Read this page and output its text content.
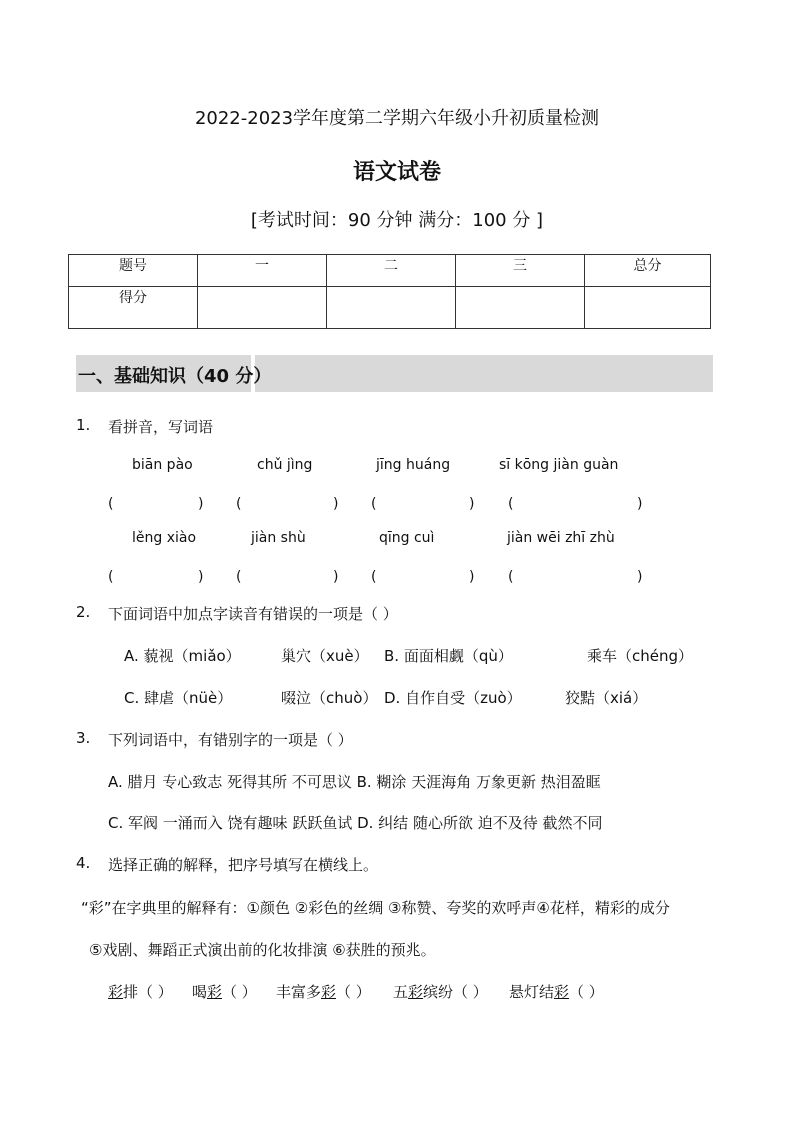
2022-2023学年度第二学期六年级小升初质量检测
语文试卷
[考试时间：90 分钟 满分：100 分 ]
题号	一	二	三	总分
得分				
一、基础知识（40 分）
1. 看拼音，写词语
biān pào	chǔ jìng	jīng huáng	sī kōng jiàn guàn
(	) (	) (	) (	)
lěng xiào	jiàn shù	qīng cuì	jiàn wēi zhī zhù
(	) (	) (	) (	)
2. 下面词语中加点字读音有错误的一项是（ ）
A. 藐视（miǎo）	巢穴（xuè） B. 面面相觑（qù）	乘车（chéng）
C. 肆虐（nüè）	啜泣（chuò） D. 自作自受（zuò）	狡黠（xiá）
3. 下列词语中，有错别字的一项是（ ）
A. 腊月 专心致志 死得其所 不可思议 B. 糊涂 天涯海角 万象更新 热泪盈眶
C. 军阀 一涌而入 饶有趣味 跃跃鱼试 D. 纠结 随心所欲 迫不及待 截然不同
4. 选择正确的解释，把序号填写在横线上。
“彩”在字典里的解释有：①颜色 ②彩色的丝绸 ③称赞、夸奖的欢呼声④花样，精彩的成分
⑤戏剧、舞蹈正式演出前的化妆排演 ⑥获胜的预兆。
彩排（ ） 喝彩（ ） 丰富多彩（ ） 五彩缤纷（ ） 悬灯结彩（ ）
